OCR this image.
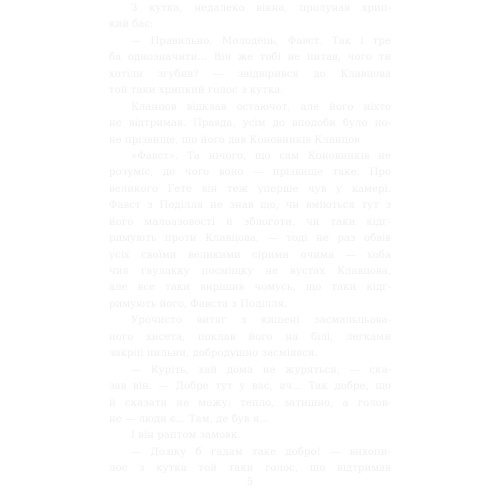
З кутка, недалеко вікна, пролунав хрип-
кий бас:
— Правильно. Молодець, Фавст. Так і тре
ба однозначити... Він же тобі не питав, чого ти
хотіли згубив? — звідвірився до Клавцова
той таки хрипкий голос з кутка.
Кланцов відклав остаючот, але його ніхто
не відтримав. Правда, усім до вподоби було но-
не прізвище, що його дав Коновників Кланцов
«Фавст». Та нічого, що сам Коновників не
розуміє, до чого воно — прізвище таке. Про
великого Гете він теж уперше чув у камері.
Фавст з Поділля не знав що, чи вміються тут з
його малоазовості й зблоготи, чи таки кідг-
римують проти Клавцова, — тоді не раз обвів
усіх своїми великими сірими очима — хоба
чия гаулакку посміщку не вустах Клавцова,
але все таки вирішив чомусь, що таки кідг-
римують його, Фавста з Поділля.
Урочисто витяг з кишені засмальцьова-
ного хисета, поклав його на білі, легками
закрпі пильни, добродушно засміявся.
— Куріть, хай дома не журяться, — ска-
зав він. — Добре тут у вас, ач... Так добре, що
й сказати не можу: тепло, затишно, а голов-
не — люди є... Там, де був я...
І він раптом замовк.
— Дозіку б гадам таке добро! — вихопи-
лос з кутка той таки голос, що відтримав
5
